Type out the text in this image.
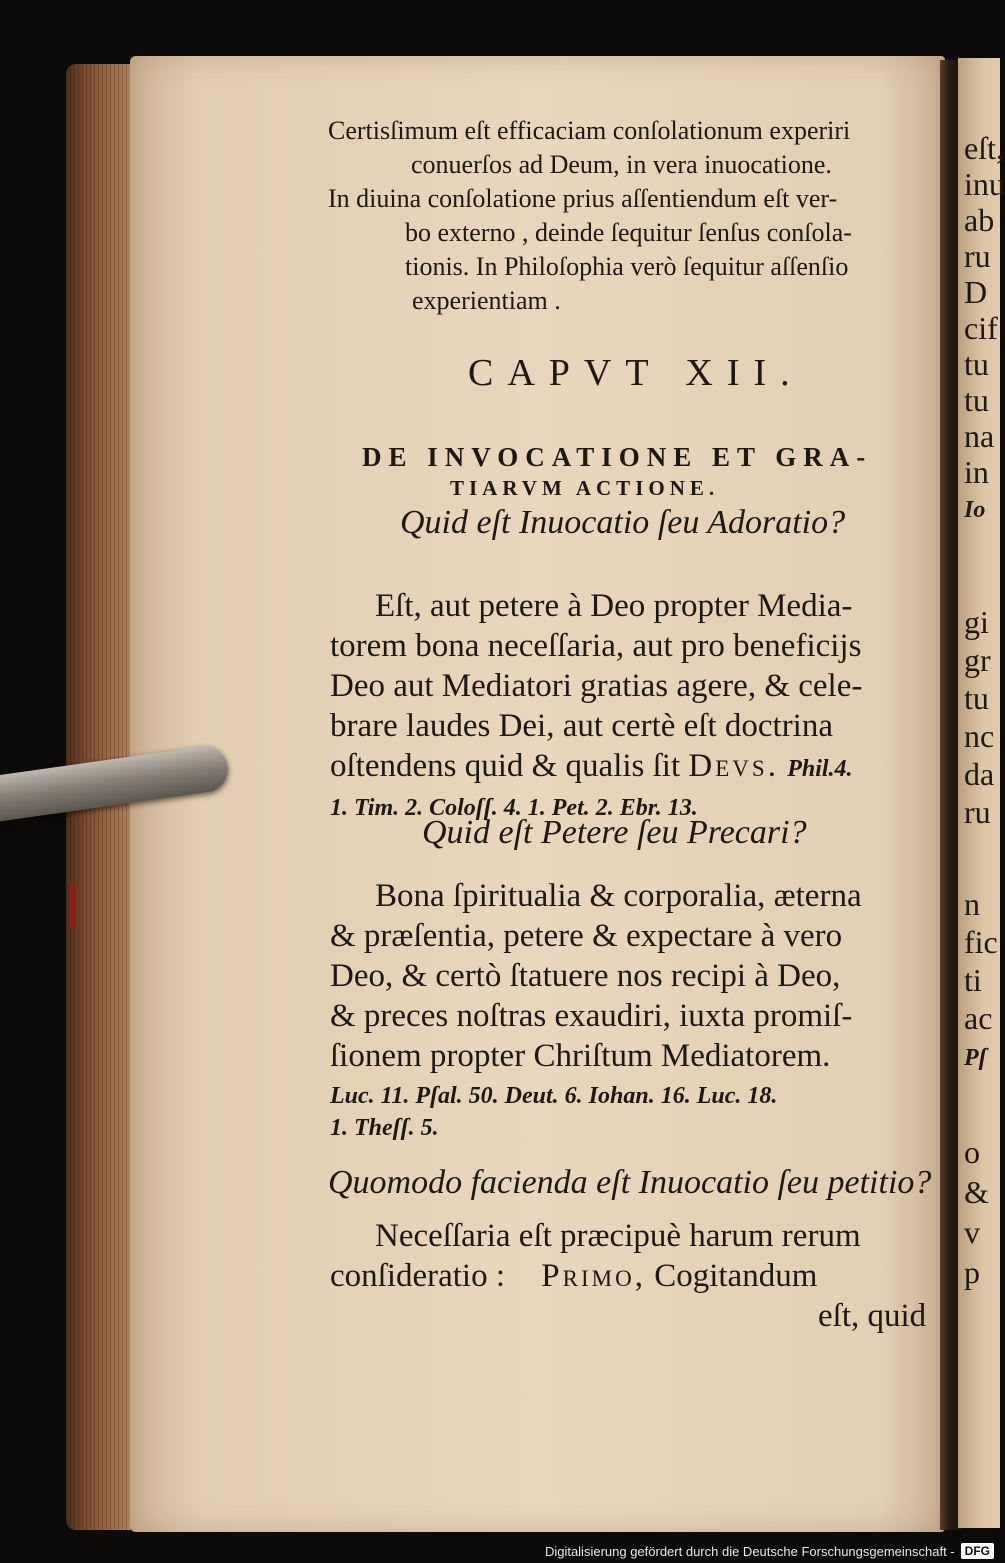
eſt,
inu
ab
ru
D
cif
tu
tu
na
in
Io
gi
gr
tu
nc
da
ru
n
fic
ti
ac
Pſ
o
&
v
p
Certisſimum eſt efficaciam conſolationum experiri
conuerſos ad Deum, in vera inuocatione.
In diuina conſolatione prius aſſentiendum eſt ver-
bo externo , deinde ſequitur ſenſus conſola-
tionis. In Philoſophia verò ſequitur aſſenſio
experientiam .
CAPVT XII.
DE INVOCATIONE ET GRA-
TIARVM ACTIONE.
Quid eſt Inuocatio ſeu Adoratio?
Eſt, aut petere à Deo propter Media-
torem bona neceſſaria, aut pro beneficijs
Deo aut Mediatori gratias agere, & cele-
brare laudes Dei, aut certè eſt doctrina
oſtendens quid & qualis ſit Devs. Phil.4.
1. Tim. 2. Coloſſ. 4. 1. Pet. 2. Ebr. 13.
Quid eſt Petere ſeu Precari?
Bona ſpiritualia & corporalia, æterna
& præſentia, petere & expectare à vero
Deo, & certò ſtatuere nos recipi à Deo,
& preces noſtras exaudiri, iuxta promiſ-
ſionem propter Chriſtum Mediatorem.
Luc. 11. Pſal. 50. Deut. 6. Iohan. 16. Luc. 18.
1. Theſſ. 5.
Quomodo facienda eſt Inuocatio ſeu petitio?
Neceſſaria eſt præcipuè harum rerum
conſideratio : Primo, Cogitandum
eſt, quid
Digitalisierung gefördert durch die Deutsche Forschungsgemeinschaft - DFG
